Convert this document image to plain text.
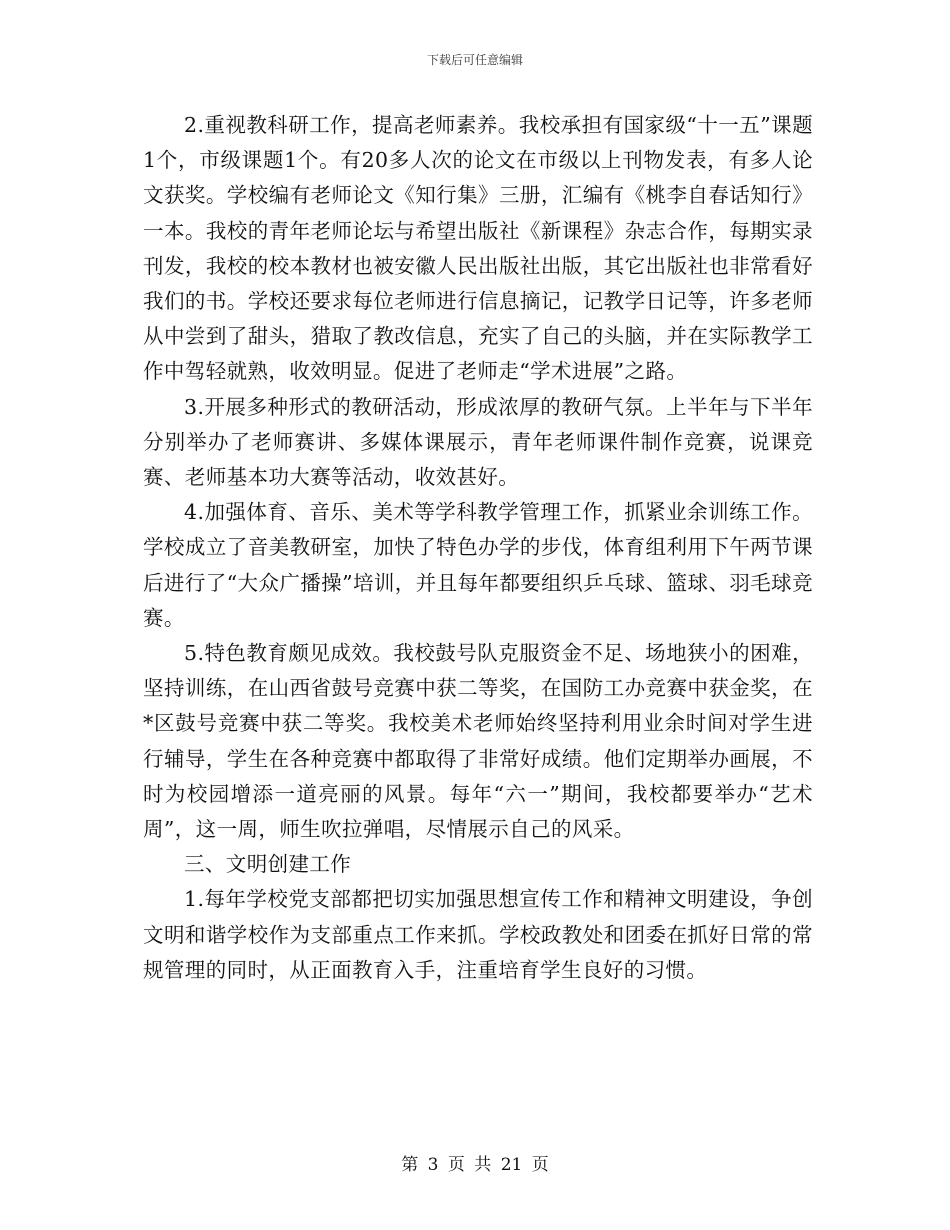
下载后可任意编辑

2.重视教科研工作，提高老师素养。我校承担有国家级“十一五”课题1个，市级课题1个。有20多人次的论文在市级以上刊物发表，有多人论文获奖。学校编有老师论文《知行集》三册，汇编有《桃李自春话知行》一本。我校的青年老师论坛与希望出版社《新课程》杂志合作，每期实录刊发，我校的校本教材也被安徽人民出版社出版，其它出版社也非常看好我们的书。学校还要求每位老师进行信息摘记，记教学日记等，许多老师从中尝到了甜头，猎取了教改信息，充实了自己的头脑，并在实际教学工作中驾轻就熟，收效明显。促进了老师走“学术进展”之路。

3.开展多种形式的教研活动，形成浓厚的教研气氛。上半年与下半年分别举办了老师赛讲、多媒体课展示，青年老师课件制作竞赛，说课竞赛、老师基本功大赛等活动，收效甚好。

4.加强体育、音乐、美术等学科教学管理工作，抓紧业余训练工作。学校成立了音美教研室，加快了特色办学的步伐，体育组利用下午两节课后进行了“大众广播操”培训，并且每年都要组织乒乓球、篮球、羽毛球竞赛。

5.特色教育颇见成效。我校鼓号队克服资金不足、场地狭小的困难，坚持训练，在山西省鼓号竞赛中获二等奖，在国防工办竞赛中获金奖，在*区鼓号竞赛中获二等奖。我校美术老师始终坚持利用业余时间对学生进行辅导，学生在各种竞赛中都取得了非常好成绩。他们定期举办画展，不时为校园增添一道亮丽的风景。每年“六一”期间，我校都要举办“艺术周”，这一周，师生吹拉弹唱，尽情展示自己的风采。

三、文明创建工作

1.每年学校党支部都把切实加强思想宣传工作和精神文明建设，争创文明和谐学校作为支部重点工作来抓。学校政教处和团委在抓好日常的常规管理的同时，从正面教育入手，注重培育学生良好的习惯。

第 3 页 共 21 页
